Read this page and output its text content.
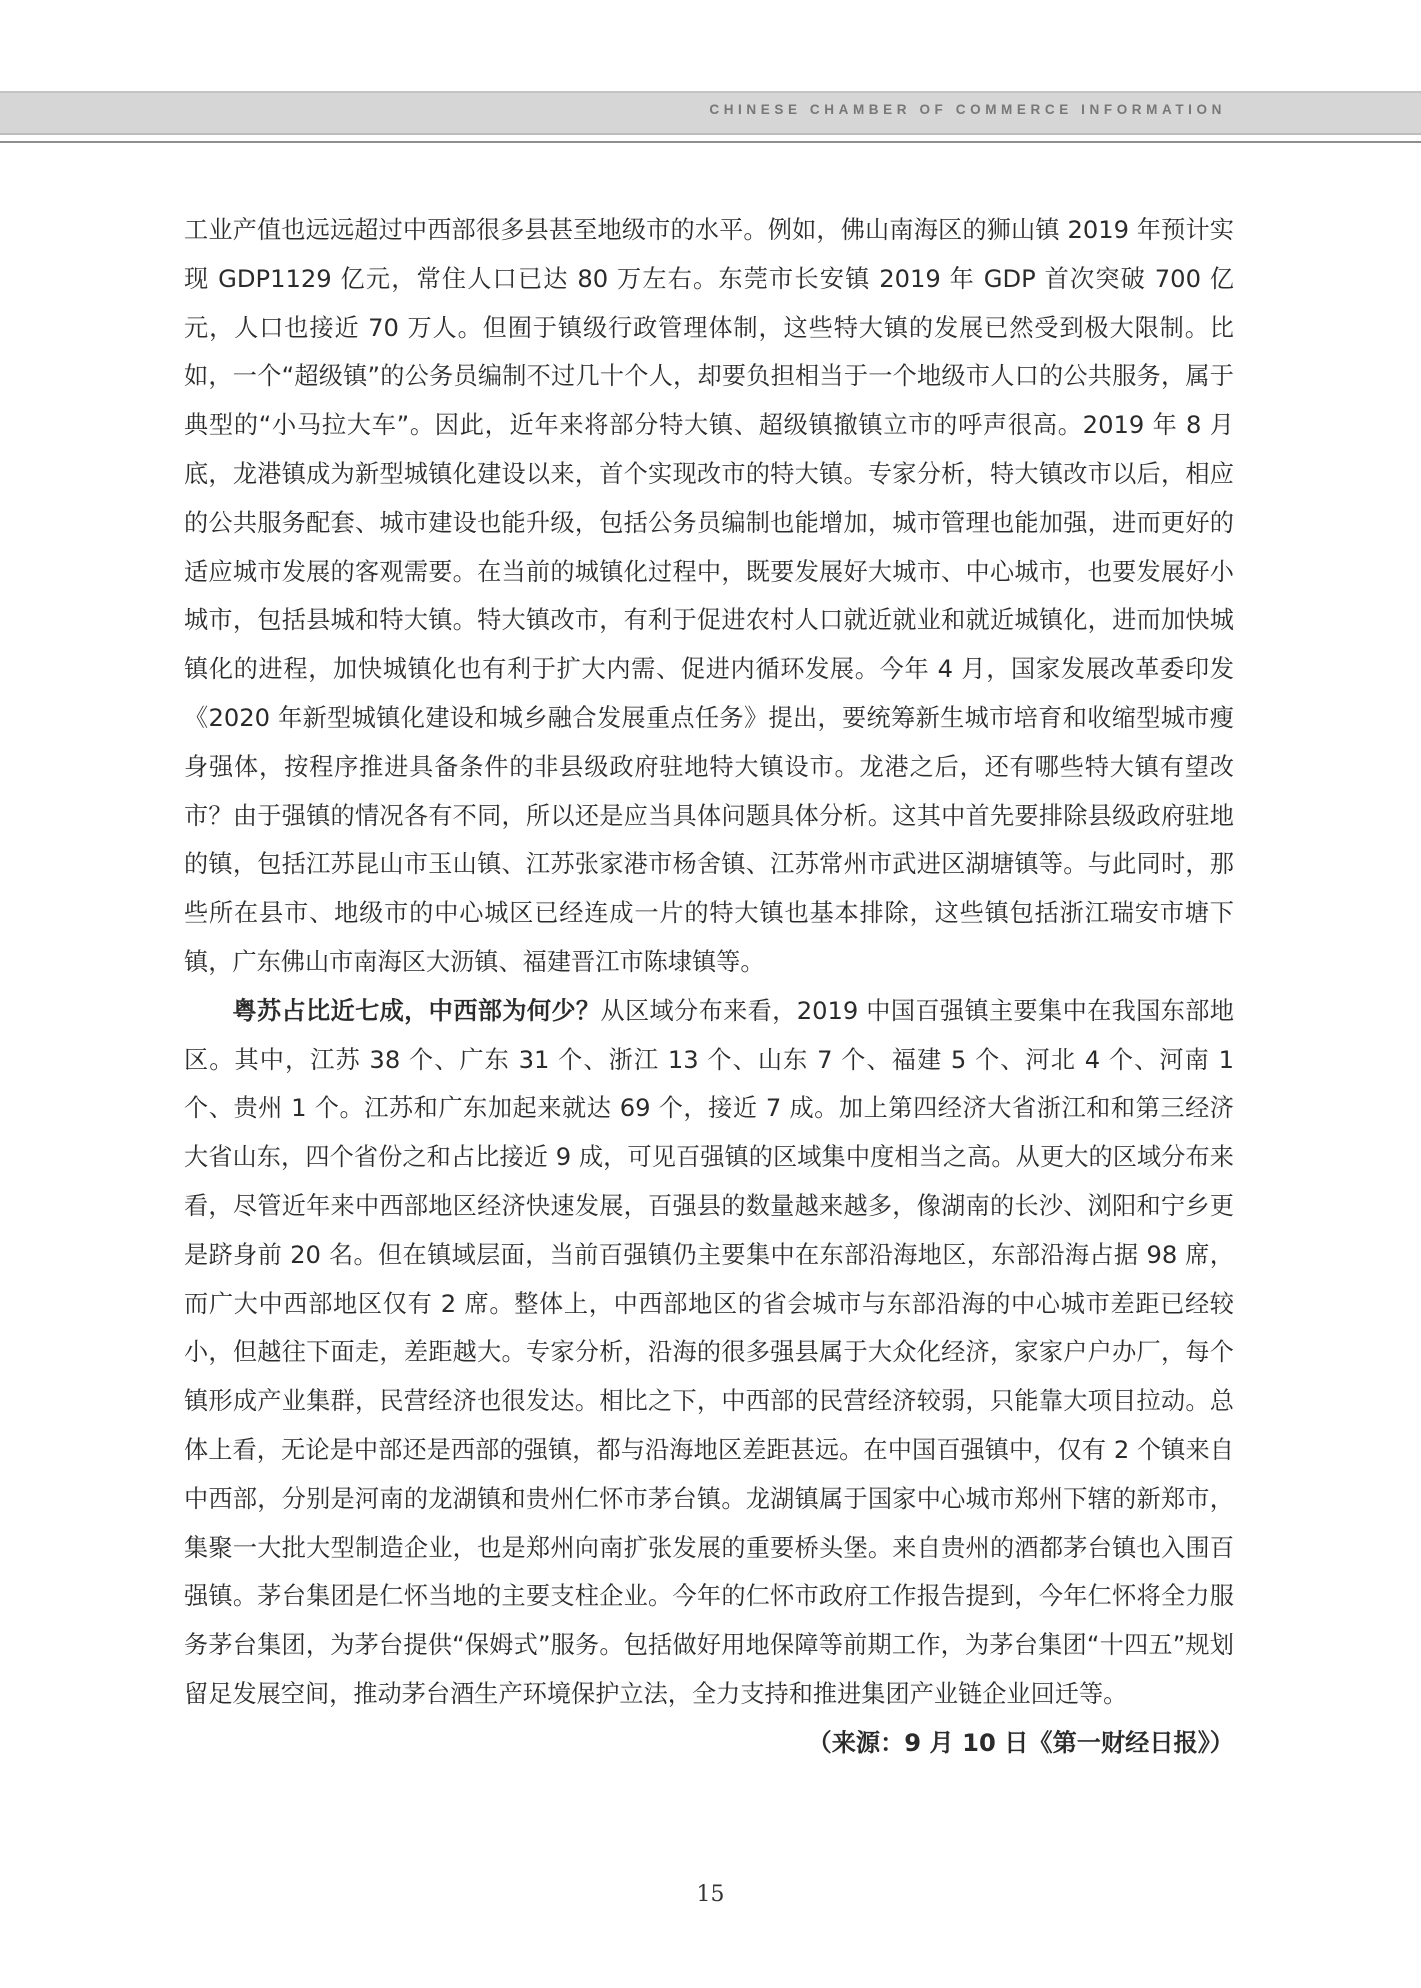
CHINESE CHAMBER OF COMMERCE INFORMATION

工业产值也远远超过中西部很多县甚至地级市的水平。例如，佛山南海区的狮山镇 2019 年预计实现 GDP1129 亿元，常住人口已达 80 万左右。东莞市长安镇 2019 年 GDP 首次突破 700 亿元，人口也接近 70 万人。但囿于镇级行政管理体制，这些特大镇的发展已然受到极大限制。比如，一个“超级镇”的公务员编制不过几十个人，却要负担相当于一个地级市人口的公共服务，属于典型的“小马拉大车”。因此，近年来将部分特大镇、超级镇撤镇立市的呼声很高。2019 年 8 月底，龙港镇成为新型城镇化建设以来，首个实现改市的特大镇。专家分析，特大镇改市以后，相应的公共服务配套、城市建设也能升级，包括公务员编制也能增加，城市管理也能加强，进而更好的适应城市发展的客观需要。在当前的城镇化过程中，既要发展好大城市、中心城市，也要发展好小城市，包括县城和特大镇。特大镇改市，有利于促进农村人口就近就业和就近城镇化，进而加快城镇化的进程，加快城镇化也有利于扩大内需、促进内循环发展。今年 4 月，国家发展改革委印发《2020 年新型城镇化建设和城乡融合发展重点任务》提出，要统筹新生城市培育和收缩型城市瘦身强体，按程序推进具备条件的非县级政府驻地特大镇设市。龙港之后，还有哪些特大镇有望改市？由于强镇的情况各有不同，所以还是应当具体问题具体分析。这其中首先要排除县级政府驻地的镇，包括江苏昆山市玉山镇、江苏张家港市杨舍镇、江苏常州市武进区湖塘镇等。与此同时，那些所在县市、地级市的中心城区已经连成一片的特大镇也基本排除，这些镇包括浙江瑞安市塘下镇，广东佛山市南海区大沥镇、福建晋江市陈埭镇等。

粤苏占比近七成，中西部为何少？从区域分布来看，2019 中国百强镇主要集中在我国东部地区。其中，江苏 38 个、广东 31 个、浙江 13 个、山东 7 个、福建 5 个、河北 4 个、河南 1 个、贵州 1 个。江苏和广东加起来就达 69 个，接近 7 成。加上第四经济大省浙江和和第三经济大省山东，四个省份之和占比接近 9 成，可见百强镇的区域集中度相当之高。从更大的区域分布来看，尽管近年来中西部地区经济快速发展，百强县的数量越来越多，像湖南的长沙、浏阳和宁乡更是跻身前 20 名。但在镇域层面，当前百强镇仍主要集中在东部沿海地区，东部沿海占据 98 席，而广大中西部地区仅有 2 席。整体上，中西部地区的省会城市与东部沿海的中心城市差距已经较小，但越往下面走，差距越大。专家分析，沿海的很多强县属于大众化经济，家家户户办厂，每个镇形成产业集群，民营经济也很发达。相比之下，中西部的民营经济较弱，只能靠大项目拉动。总体上看，无论是中部还是西部的强镇，都与沿海地区差距甚远。在中国百强镇中，仅有 2 个镇来自中西部，分别是河南的龙湖镇和贵州仁怀市茅台镇。龙湖镇属于国家中心城市郑州下辖的新郑市，集聚一大批大型制造企业，也是郑州向南扩张发展的重要桥头堡。来自贵州的酒都茅台镇也入围百强镇。茅台集团是仁怀当地的主要支柱企业。今年的仁怀市政府工作报告提到，今年仁怀将全力服务茅台集团，为茅台提供“保姆式”服务。包括做好用地保障等前期工作，为茅台集团“十四五”规划留足发展空间，推动茅台酒生产环境保护立法，全力支持和推进集团产业链企业回迁等。
（来源：9 月 10 日《第一财经日报》）

15
